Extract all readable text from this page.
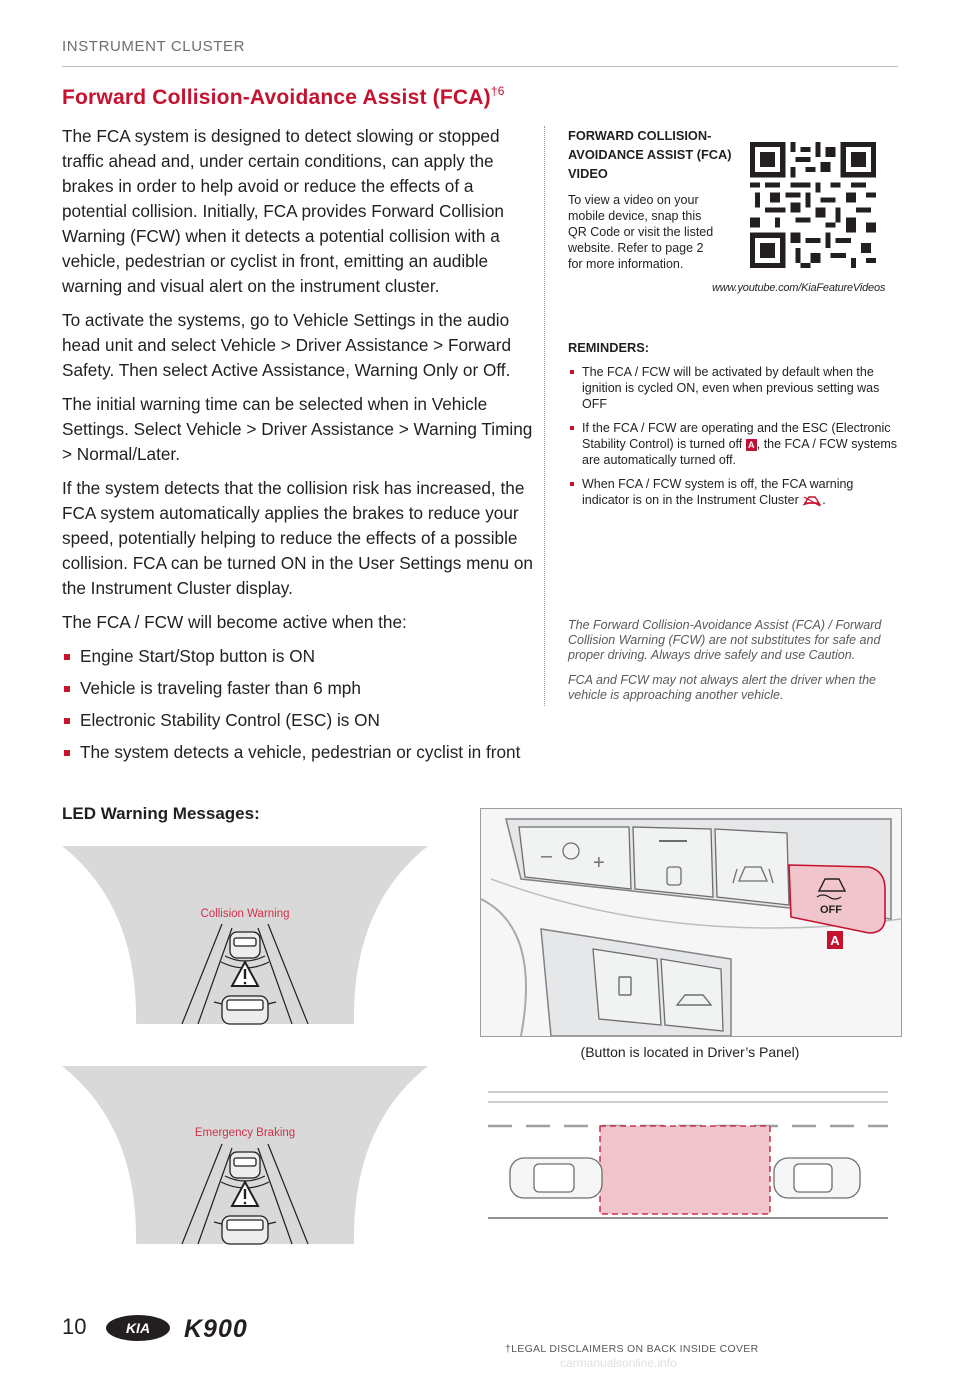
INSTRUMENT CLUSTER
Forward Collision-Avoidance Assist (FCA)$^{\dagger 6}$

The FCA system is designed to detect slowing or stopped traffic ahead and, under certain conditions, can apply the brakes in order to help avoid or reduce the effects of a potential collision. Initially, FCA provides Forward Collision Warning (FCW) when it detects a potential collision with a vehicle, pedestrian or cyclist in front, emitting an audible warning and visual alert on the instrument cluster.

To activate the systems, go to Vehicle Settings in the audio head unit and select Vehicle > Driver Assistance > Forward Safety. Then select Active Assistance, Warning Only or Off.

The initial warning time can be selected when in Vehicle Settings. Select Vehicle > Driver Assistance > Warning Timing > Normal/Later.

If the system detects that the collision risk has increased, the FCA system automatically applies the brakes to reduce your speed, potentially helping to reduce the effects of a possible collision. FCA can be turned ON in the User Settings menu on the Instrument Cluster display.

The FCA / FCW will become active when the:

Engine Start/Stop button is ON
Vehicle is traveling faster than 6 mph
Electronic Stability Control (ESC) is ON
The system detects a vehicle, pedestrian or cyclist in front
FORWARD COLLISION-AVOIDANCE ASSIST (FCA) VIDEO
To view a video on your mobile device, snap this QR Code or visit the listed website. Refer to page 2 for more information.
www.youtube.com/KiaFeatureVideos
REMINDERS:
The FCA / FCW will be activated by default when the ignition is cycled ON, even when previous setting was OFF
If the FCA / FCW are operating and the ESC (Electronic Stability Control) is turned off A , the FCA / FCW systems are automatically turned off.
When FCA / FCW system is off, the FCA warning indicator is on in the Instrument Cluster .

The Forward Collision-Avoidance Assist (FCA) / Forward Collision Warning (FCW) are not substitutes for safe and proper driving. Always drive safely and use Caution.

FCA and FCW may not always alert the driver when the vehicle is approaching another vehicle.

LED Warning Messages:
Collision Warning
Emergency Braking
– +
OFF
A
(Button is located in Driver’s Panel)
10	KIA K900
†LEGAL DISCLAIMERS ON BACK INSIDE COVER
carmanualsonline.info
